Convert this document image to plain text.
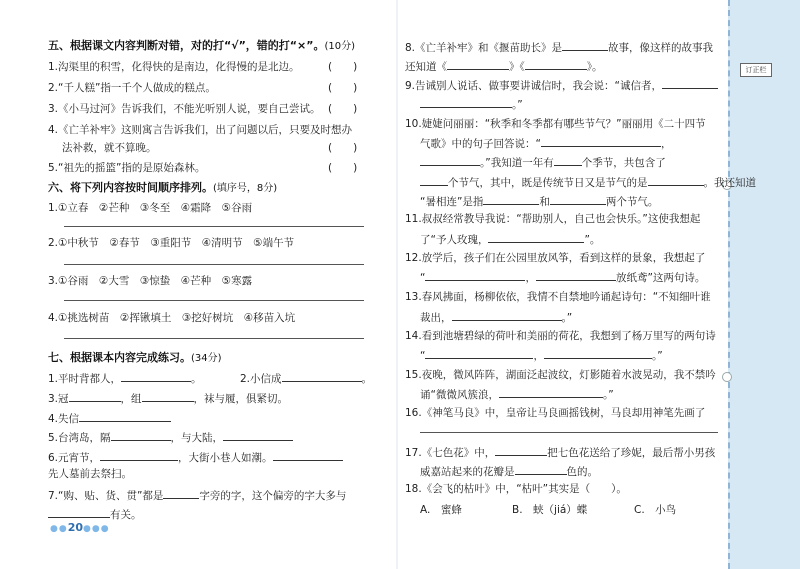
订正栏
五、根据课文内容判断对错，对的打“√”，错的打“×”。(10分)
1.沟渠里的积雪，化得快的是南边，化得慢的是北边。	(　　)
2.“千人糕”指一千个人做成的糕点。	(　　)
3.《小马过河》告诉我们，不能光听别人说，要自己尝试。 (　　)
4.《亡羊补牢》这则寓言告诉我们，出了问题以后，只要及时想办
法补救，就不算晚。	(　　)
5.“祖先的摇篮”指的是原始森林。	(　　)
六、将下列内容按时间顺序排列。(填序号，8分)
1.①立春　②芒种　③冬至　④霜降　⑤谷雨
2.①中秋节　②春节　③重阳节　④清明节　⑤端午节
3.①谷雨　②大雪　③惊蛰　④芒种　⑤寒露
4.①挑选树苗　②挥锹填土　③挖好树坑　④移苗入坑
七、根据课本内容完成练习。(34分)
1.平时背都人，	。	2.小信成	。
3.冠	，组	，袜与履，俱紧切。
4.失信
5.台湾岛，隔	，与大陆，
6.元宵节，	，大街小巷人如潮。
先人墓前去祭扫。
7.“购、贴、货、贯”都是	字旁的字，这个偏旁的字大多与
有关。
●●20●●●
8.《亡羊补牢》和《揠苗助长》是	故事，像这样的故事我
还知道《	》《	》。
9.告诫别人说话、做事要讲诚信时，我会说：“诚信者，
。”
10.婕婕问丽丽：“秋季和冬季都有哪些节气？”丽丽用《二十四节
气歌》中的句子回答说：“	，
。”我知道一年有	个季节，共包含了
个节气，其中，既是传统节日又是节气的是	。我还知道
“暑相连”是指	和	两个节气。
11.叔叔经常教导我说：“帮助别人，自己也会快乐。”这使我想起
了“予人玫瑰，	”。
12.放学后，孩子们在公园里放风筝，看到这样的景象，我想起了
“	，	放纸鸢”这两句诗。
13.春风拂面，杨柳依依，我情不自禁地吟诵起诗句：“不知细叶谁
裁出，	。”
14.看到池塘碧绿的荷叶和美丽的荷花，我想到了杨万里写的两句诗
“	，	。”
15.夜晚，微风阵阵，湖面泛起波纹，灯影随着水波晃动，我不禁吟
诵“微微风簇浪，	。”
16.《神笔马良》中，皇帝让马良画摇钱树，马良却用神笔先画了
17.《七色花》中，	把七色花送给了珍妮，最后帮小男孩
威嘉站起来的花瓣是	色的。
18.《会飞的枯叶》中，“枯叶”其实是（　　）。
A.　蜜蜂	B.　蛱（jiá）蝶	C.　小鸟
